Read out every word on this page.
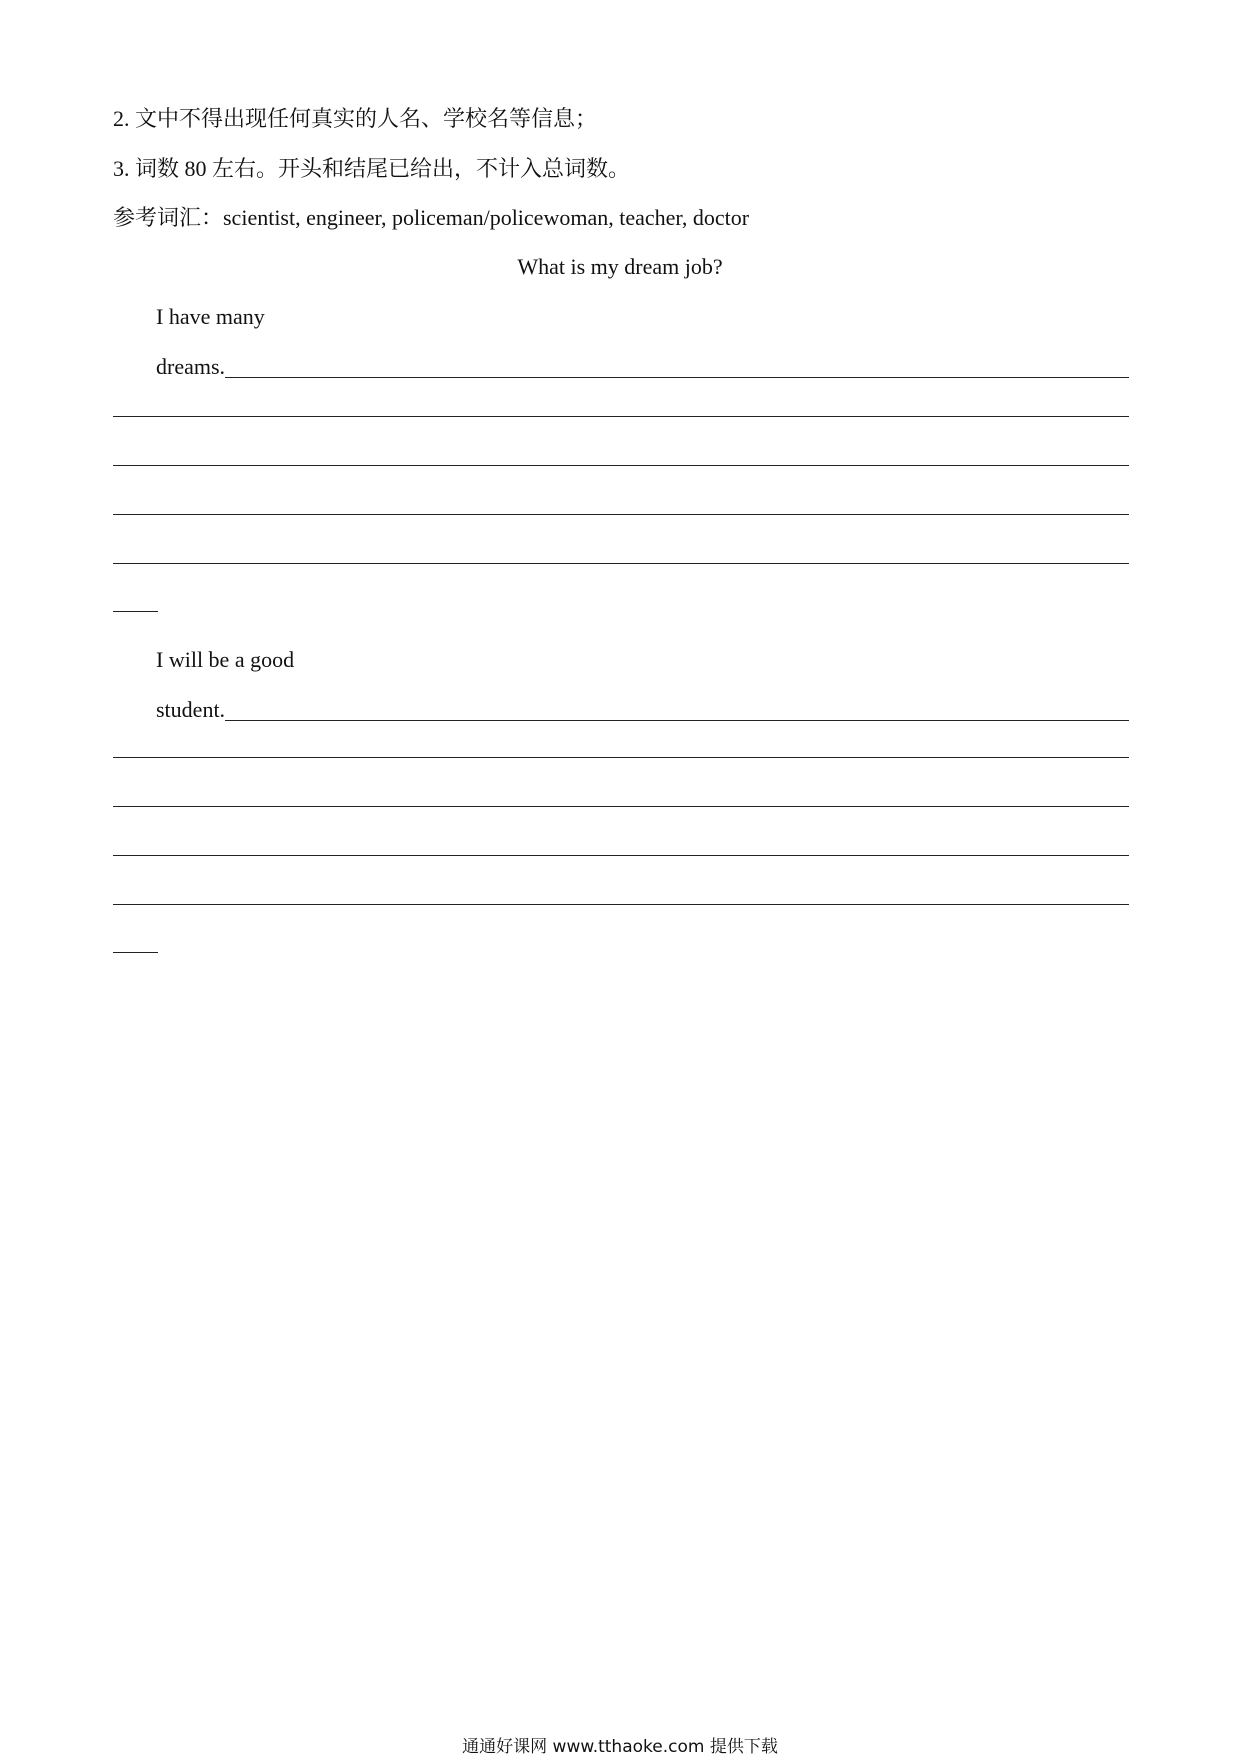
2. 文中不得出现任何真实的人名、学校名等信息；
3. 词数 80 左右。开头和结尾已给出，不计入总词数。
参考词汇：scientist, engineer, policeman/policewoman, teacher, doctor
What is my dream job?
I have many
dreams.
I will be a good
student.
通通好课网 www.tthaoke.com 提供下载
